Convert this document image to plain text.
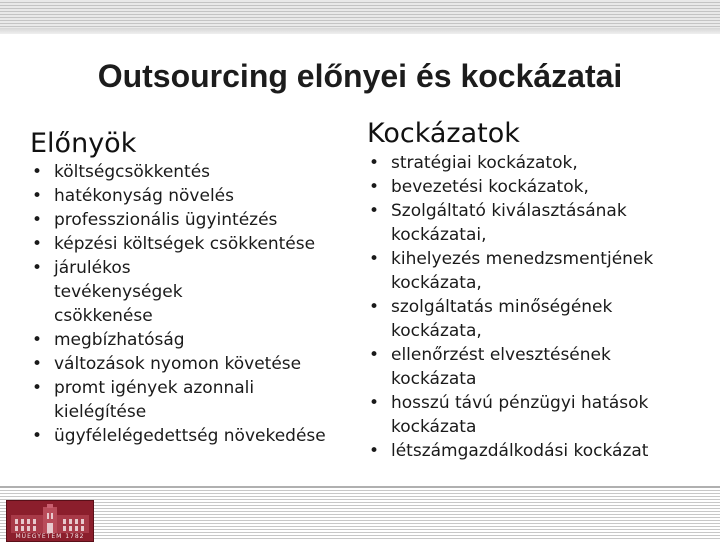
Outsourcing előnyei és kockázatai
Előnyök
• költségcsökkentés
• hatékonyság növelés
• professzionális ügyintézés
• képzési költségek csökkentése
• járulékos tevékenységek csökkenése
• megbízhatóság
• változások nyomon követése
• promt igények azonnali kielégítése
• ügyfélelégedettség növekedése
Kockázatok
• stratégiai kockázatok,
• bevezetési kockázatok,
• Szolgáltató kiválasztásának kockázatai,
• kihelyezés menedzsmentjének kockázata,
• szolgáltatás minőségének kockázata,
• ellenőrzést elvesztésének kockázata
• hosszú távú pénzügyi hatások kockázata
• létszámgazdálkodási kockázat
MŰEGYETEM 1782
